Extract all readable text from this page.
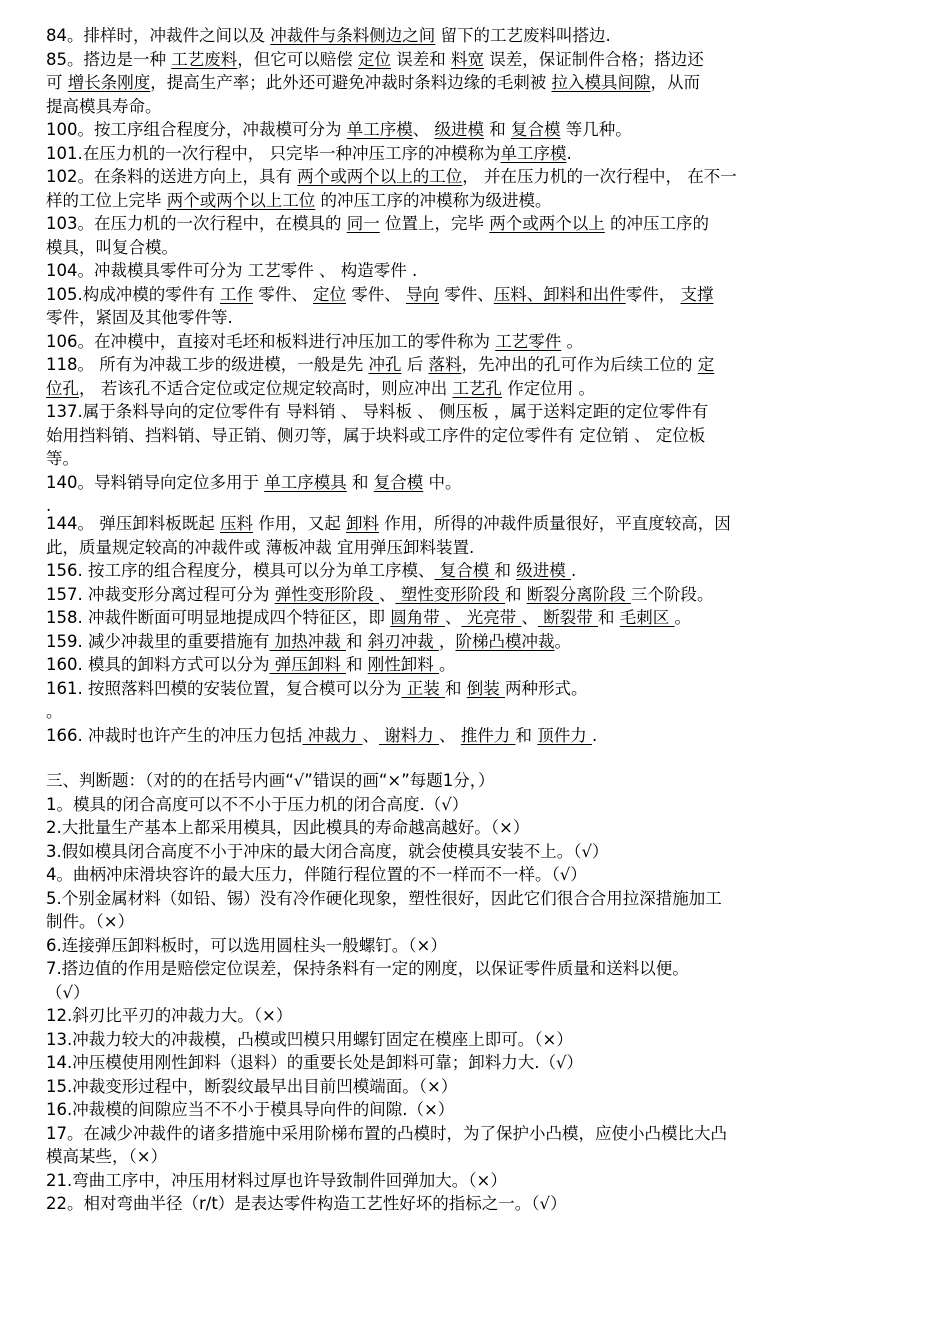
84。排样时，冲裁件之间以及 冲裁件与条料侧边之间 留下的工艺废料叫搭边.
85。搭边是一种 工艺废料，但它可以赔偿 定位 误差和 料宽 误差，保证制件合格；搭边还
可 增长条刚度，提高生产率；此外还可避免冲裁时条料边缘的毛刺被 拉入模具间隙，从而
提高模具寿命。
100。按工序组合程度分，冲裁模可分为 单工序模、 级进模 和 复合模 等几种。
101.在压力机的一次行程中， 只完毕一种冲压工序的冲模称为单工序模.
102。在条料的送进方向上，具有 两个或两个以上的工位， 并在压力机的一次行程中， 在不一
样的工位上完毕 两个或两个以上工位 的冲压工序的冲模称为级进模。
103。在压力机的一次行程中，在模具的 同一 位置上，完毕 两个或两个以上 的冲压工序的
模具，叫复合模。
104。冲裁模具零件可分为 工艺零件 、 构造零件 .
105.构成冲模的零件有 工作 零件、 定位 零件、 导向 零件、压料、卸料和出件零件， 支撑
零件，紧固及其他零件等.
106。在冲模中，直接对毛坯和板料进行冲压加工的零件称为 工艺零件 。
118。 所有为冲裁工步的级进模，一般是先 冲孔 后 落料，先冲出的孔可作为后续工位的 定
位孔， 若该孔不适合定位或定位规定较高时，则应冲出 工艺孔 作定位用 。
137.属于条料导向的定位零件有 导料销 、 导料板 、 侧压板 ，属于送料定距的定位零件有
始用挡料销、挡料销、导正销、侧刃等，属于块料或工序件的定位零件有 定位销 、 定位板
等。
140。导料销导向定位多用于 单工序模具 和 复合模 中。
.
144。 弹压卸料板既起 压料 作用，又起 卸料 作用，所得的冲裁件质量很好，平直度较高，因
此，质量规定较高的冲裁件或 薄板冲裁 宜用弹压卸料装置.
156. 按工序的组合程度分，模具可以分为单工序模、 复合模 和 级进模 .
157. 冲裁变形分离过程可分为 弹性变形阶段 、 塑性变形阶段 和 断裂分离阶段 三个阶段。
158. 冲裁件断面可明显地提成四个特征区，即 圆角带 、 光亮带 、 断裂带 和 毛刺区 。
159. 减少冲裁里的重要措施有 加热冲裁 和 斜刃冲裁 ，阶梯凸模冲裁。
160. 模具的卸料方式可以分为 弹压卸料 和 刚性卸料 。
161. 按照落料凹模的安装位置，复合模可以分为 正装 和 倒装 两种形式。
。
166. 冲裁时也许产生的冲压力包括 冲裁力 、 谢料力 、 推件力 和 顶件力 .
三、判断题：（对的的在括号内画“√”错误的画“×”每题1分，）
1。模具的闭合高度可以不不小于压力机的闭合高度.（√）
2.大批量生产基本上都采用模具，因此模具的寿命越高越好。（×）
3.假如模具闭合高度不小于冲床的最大闭合高度，就会使模具安装不上。（√）
4。曲柄冲床滑块容许的最大压力，伴随行程位置的不一样而不一样。（√）
5.个别金属材料（如铅、锡）没有冷作硬化现象，塑性很好，因此它们很合合用拉深措施加工
制件。（×）
6.连接弹压卸料板时，可以选用圆柱头一般螺钉。（×）
7.搭边值的作用是赔偿定位误差，保持条料有一定的刚度，以保证零件质量和送料以便。
（√）
12.斜刃比平刃的冲裁力大。（×）
13.冲裁力较大的冲裁模，凸模或凹模只用螺钉固定在模座上即可。（×）
14.冲压模使用刚性卸料（退料）的重要长处是卸料可靠；卸料力大.（√）
15.冲裁变形过程中，断裂纹最早出目前凹模端面。（×）
16.冲裁模的间隙应当不不小于模具导向件的间隙.（×）
17。在减少冲裁件的诸多措施中采用阶梯布置的凸模时，为了保护小凸模，应使小凸模比大凸
模高某些，（×）
21.弯曲工序中，冲压用材料过厚也许导致制件回弹加大。（×）
22。相对弯曲半径（r/t）是表达零件构造工艺性好坏的指标之一。（√）
